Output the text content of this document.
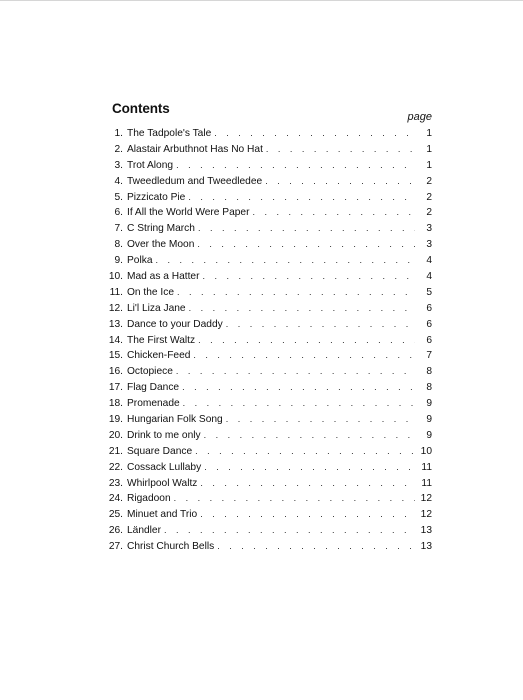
Contents
page
1. The Tadpole's Tale . . .	1
2. Alastair Arbuthnot Has No Hat . . .	1
3. Trot Along . . .	1
4. Tweedledum and Tweedledee . . .	2
5. Pizzicato Pie . . .	2
6. If All the World Were Paper . . .	2
7. C String March . . .	3
8. Over the Moon . . .	3
9. Polka . . .	4
10. Mad as a Hatter . . .	4
11. On the Ice . . .	5
12. Li'l Liza Jane . . .	6
13. Dance to your Daddy . . .	6
14. The First Waltz . . .	6
15. Chicken-Feed . . .	7
16. Octopiece . . .	8
17. Flag Dance . . .	8
18. Promenade . . .	9
19. Hungarian Folk Song . . .	9
20. Drink to me only . . .	9
21. Square Dance . . .	10
22. Cossack Lullaby . . .	11
23. Whirlpool Waltz . . .	11
24. Rigadoon . . .	12
25. Minuet and Trio . . .	12
26. Ländler . . .	13
27. Christ Church Bells . . .	13
